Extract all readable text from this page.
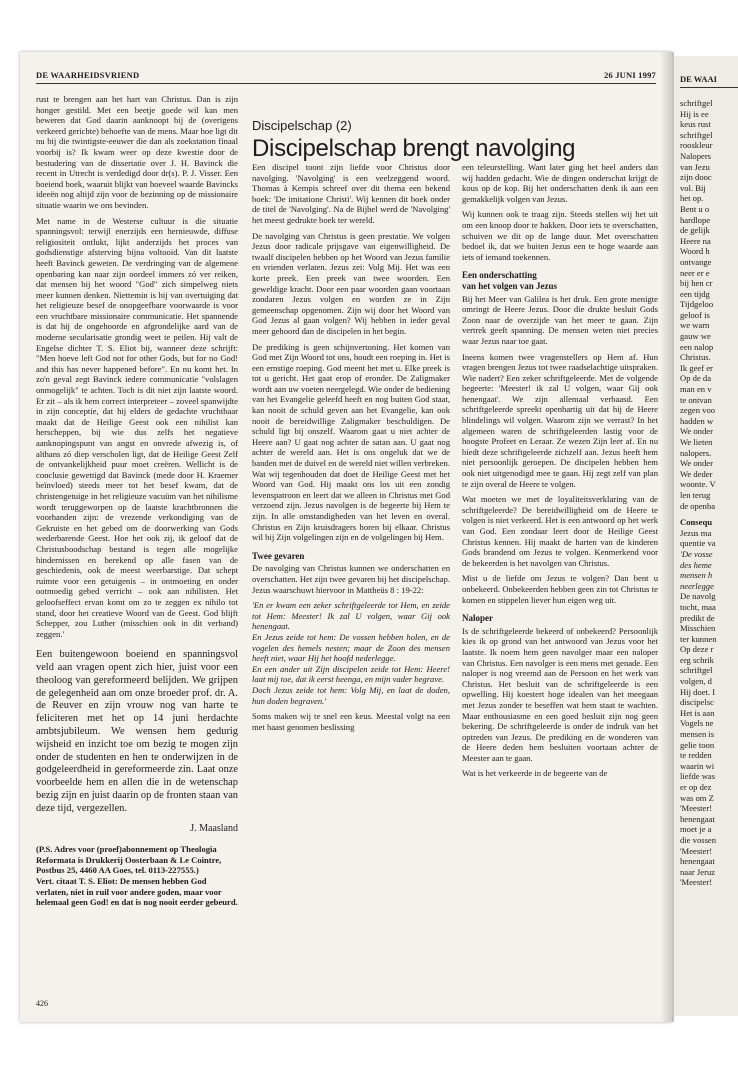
DE WAARHEIDSVRIEND	26 JUNI 1997

rust te brengen aan het hart van Christus. Dan is zijn honger gestild. Met een beetje goede wil kan men beweren dat God daarin aanknoopt bij de (overigens verkeerd gerichte) behoefte van de mens. Maar hoe ligt dit nu bij die twintigste-eeuwer die dan als zoekstation finaal voorbij is? Ik kwam weer op deze kwestie door de bestudering van de dissertatie over J. H. Bavinck die recent in Utrecht is verdedigd door dr(s). P. J. Visser. Een boeiend boek, waaruit blijkt van hoeveel waarde Bavincks ideeën nog altijd zijn voor de bezinning op de missionaire situatie waarin we ons bevinden.

Met name in de Westerse cultuur is die situatie spanningsvol: terwijl enerzijds een hernieuwde, diffuse religiositeit ontlukt, lijkt anderzijds het proces van godsdienstige afsterving bijna voltooid. Van dit laatste heeft Bavinck geweten. De verdringing van de algemene openbaring kan naar zijn oordeel immers zó ver reiken, dat mensen bij het woord "God" zich simpelweg niets meer kunnen denken. Niettemin is hij van overtuiging dat het religieuze besef de onopgeefbare voorwaarde is voor een vruchtbare missionaire communicatie. Het spannende is dat hij de ongehoorde en afgrondelijke aard van de moderne secularisatie grondig weet te peilen. Hij valt de Engelse dichter T. S. Eliot bij, wanneer deze schrijft: "Men hoeve left God not for other Gods, but for no God! and this has never happened before". En nu komt het. In zo'n geval zegt Bavinck iedere communicatie "volslagen onmogelijk" te achten. Toch is dit niet zijn laatste woord. Er zit – als ik hem correct interpreteer – zoveel spanwijdte in zijn conceptie, dat hij elders de gedachte vruchtbaar maakt dat de Heilige Geest ook een nihilist kan herscheppen, bij wie dus zelfs het negatieve aanknopingspunt van angst en onvrede afwezig is, of althans zó diep verscholen ligt, dat de Heilige Geest Zelf de ontvankelijkheid puur moet creëren. Wellicht is de conclusie gewettigd dat Bavinck (mede door H. Kraemer beïnvloed) steeds meer tot het besef kwam, dat de christengetuige in het religieuze vacuüm van het nihilisme wordt teruggeworpen op de laatste krachtbronnen die voorhanden zijn: de vrezende verkondiging van de Gekruiste en het gebed om de doorwerking van Gods wederbarende Geest. Hoe het ook zij, ik geloof dat de Christusboodschap bestand is tegen alle mogelijke hindernissen en berekend op alle fasen van de geschiedenis, ook de meest weerbarstige. Dat schept ruimte voor een getuigenis – in ontmoeting en onder ootmoedig gebed verricht – ook aan nihilisten. Het geloofseffect ervan komt om zo te zeggen ex nihilo tot stand, door het creatieve Woord van de Geest. God blijft Schepper, zou Luther (misschien ook in dit verband) zeggen.'

Een buitengewoon boeiend en spanningsvol veld aan vragen opent zich hier, juist voor een theoloog van gereformeerd belijden. We grijpen de gelegenheid aan om onze broeder prof. dr. A. de Reuver en zijn vrouw nog van harte te feliciteren met het op 14 juni herdachte ambtsjubileum. We wensen hem gedurig wijsheid en inzicht toe om bezig te mogen zijn onder de studenten en hen te onderwijzen in de godgeleerdheid in gereformeerde zin. Laat onze voorbeelde hem en allen die in de wetenschap bezig zijn en juist daarin op de fronten staan van deze tijd, vergezellen.

J. Maasland

(P.S. Adres voor (proef)abonnement op Theologia Reformata is Drukkerij Oosterbaan & Le Cointre, Postbus 25, 4460 AA Goes, tel. 0113-227555.)

Vert. citaat T. S. Eliot: De mensen hebben God verlaten, niet in ruil voor andere goden, maar voor helemaal geen God! en dat is nog nooit eerder gebeurd.

Discipelschap (2)
Discipelschap brengt navolging

Een discipel toont zijn liefde voor Christus door navolging. 'Navolging' is een veelzeggend woord. Thomas à Kempis schreef over dit thema een bekend boek: 'De imitatione Christi'. Wij kennen dit boek onder de titel de 'Navolging'. Na de Bijbel werd de 'Navolging' het meest gedrukte boek ter wereld.

De navolging van Christus is geen prestatie. We volgen Jezus door radicale prijsgave van eigenwilligheid. De twaalf discipelen hebben op het Woord van Jezus familie en vrienden verlaten. Jezus zei: Volg Mij. Het was een korte preek. Een preek van twee woorden. Een geweldige kracht. Door een paar woorden gaan voortaan zondaren Jezus volgen en worden ze in Zijn gemeenschap opgenomen. Zijn wij door het Woord van God Jezus al gaan volgen? Wij hebben in ieder geval meer gehoord dan de discipelen in het begin.

De prediking is geen schijnvertoning. Het komen van God met Zijn Woord tot ons, houdt een roeping in. Het is een ernstige roeping. God meent het met u. Elke preek is tot u gericht. Het gaat erop of eronder. De Zaligmaker wordt aan uw voeten neergelegd. Wie onder de bediening van het Evangelie geleefd heeft en nog buiten God staat, kan nooit de schuld geven aan het Evangelie, kan ook nooit de bereidwillige Zaligmaker beschuldigen. De schuld ligt bij onszelf. Waarom gaat u niet achter de Heere aan? U gaat nog achter de satan aan. U gaat nog achter de wereld aan. Het is ons ongeluk dat we de banden met de duivel en de wereld niet willen verbreken. Wat wij tegenhouden dat doet de Heilige Geest met het Woord van God. Hij maakt ons los uit een zondig levenspatroon en leert dat we alleen in Christus met God verzoend zijn. Jezus navolgen is de begeerte bij Hem te zijn. In alle omstandigheden van het leven en overal. Christus en Zijn kruisdragers horen bij elkaar. Christus wil bij Zijn volgelingen zijn en de volgelingen bij Hem.

Twee gevaren

De navolging van Christus kunnen we onderschatten en overschatten. Het zijn twee gevaren bij het discipelschap. Jezus waarschuwt hiervoor in Mattheüs 8 : 19-22:

'En er kwam een zeker schriftgeleerde tot Hem, en zeide tot Hem: Meester! Ik zal U volgen, waar Gij ook henengaat.
En Jezus zeide tot hem: De vossen hebben holen, en de vogelen des hemels nesten; maar de Zoon des mensen heeft niet, waar Hij het hoofd nederlegge.
En een ander uit Zijn discipelen zeide tot Hem: Heere! laat mij toe, dat ik eerst heenga, en mijn vader begrave.

Doch Jezus zeide tot hem: Volg Mij, en laat de doden, hun doden begraven.'

Soms maken wij te snel een keus. Meestal volgt na een met haast genomen beslissing

een teleurstelling. Want later ging het heel anders dan wij hadden gedacht. Wie de dingen onderschat krijgt de kous op de kop. Bij het onderschatten denk ik aan een gemakkelijk volgen van Jezus.

Wij kunnen ook te traag zijn. Steeds stellen wij het uit om een knoop door te hakken. Door iets te overschatten, schuiven we dit op de lange duur. Met overschatten bedoel ik, dat we buiten Jezus een te hoge waarde aan iets of iemand toekennen.

Een onderschatting
van het volgen van Jezus

Bij het Meer van Galilea is het druk. Een grote menigte omringt de Heere Jezus. Door die drukte besluit Gods Zoon naar de overzijde van het meer te gaan. Zijn vertrek geeft spanning. De mensen weten niet precies waar Jezus naar toe gaat.

Ineens komen twee vragenstellers op Hem af. Hun vragen brengen Jezus tot twee raadselachtige uitspraken. Wie nadert? Een zeker schriftgeleerde. Met de volgende begeerte: 'Meester! ik zal U volgen, waar Gij ook henengaat'. We zijn allemaal verbaasd. Een schriftgeleerde spreekt openhartig uit dat hij de Heere blindelings wil volgen. Waarom zijn we verrast? In het algemeen waren de schriftgeleerden lastig voor de hoogste Profeet en Leraar. Ze wezen Zijn leer af. En nu biedt deze schriftgeleerde zichzelf aan. Jezus heeft hem niet persoonlijk geroepen. De discipelen hebben hem ook niet uitgenodigd mee te gaan. Hij zegt zelf van plan te zijn overal de Heere te volgen.

Wat moeten we met de loyaliteitsverklaring van de schriftgeleerde? De bereidwilligheid om de Heere te volgen is niet verkeerd. Het is een antwoord op het werk van God. Een zondaar leert door de Heilige Geest Christus kennen. Hij maakt de harten van de kinderen Gods brandend om Jezus te volgen. Kenmerkend voor de bekeerden is het navolgen van Christus.

Mist u de liefde om Jezus te volgen? Dan bent u onbekeerd. Onbekeerden hebben geen zin tot Christus te komen en stippelen liever hun eigen weg uit.

Naloper

Is de schriftgeleerde bekeerd of onbekeerd? Persoonlijk kies ik op grond van het antwoord van Jezus voor het laatste. Ik noem hem geen navolger maar een naloper van Christus. Een navolger is een mens met genade. Een naloper is nog vreemd aan de Persoon en het werk van Christus. Het besluit van de schriftgeleerde is een opwelling. Hij koestert hoge idealen van het meegaan met Jezus zonder te beseffen wat hem staat te wachten. Maar enthousiasme en een goed besluit zijn nog geen bekering. De schriftgeleerde is onder de indruk van het optreden van Jezus. De prediking en de wonderen van de Heere deden hem besluiten voortaan achter de Meester aan te gaan.

Wat is het verkeerde in de begeerte van de

426
DE WAAI
schriftgel
Hij is ee
keus rust
schriftgel
rooskleur
Nalopers
van Jezu
zijn dooc
vol. Bij
het op.
Bent u o
hardlope
de gelijk
Heere na
Woord h
ontvange
neer er e
bij hen cr
een tijdg
Tijdgeloo
geloof is
we warn
gauw we
een nalop
Christus.
Ik geef er
Op de da
man en v
te ontvan
zegen voo
hadden w
We onder
We lieten
nalopers.
We onder
We deder
woonte. V
len terug
de openba
Consequ
Jezus ma
quentie va
'De vosse
des heme
mensen h
neerlegge
De navolg
tocht, maa
predikt de
Misschien
ter kunnen
Op deze r
erg schrik
schriftgel
volgen, d
Hij doet. I
discipelsc
Het is aan
Vogels ne
mensen is
gelie toon
te redden
waarin wi
liefde was
er op dez
was om Z
'Meester!
henengaat
moet je a
die vossen
'Meester!
henengaat
naar Jeruz
'Meester!
